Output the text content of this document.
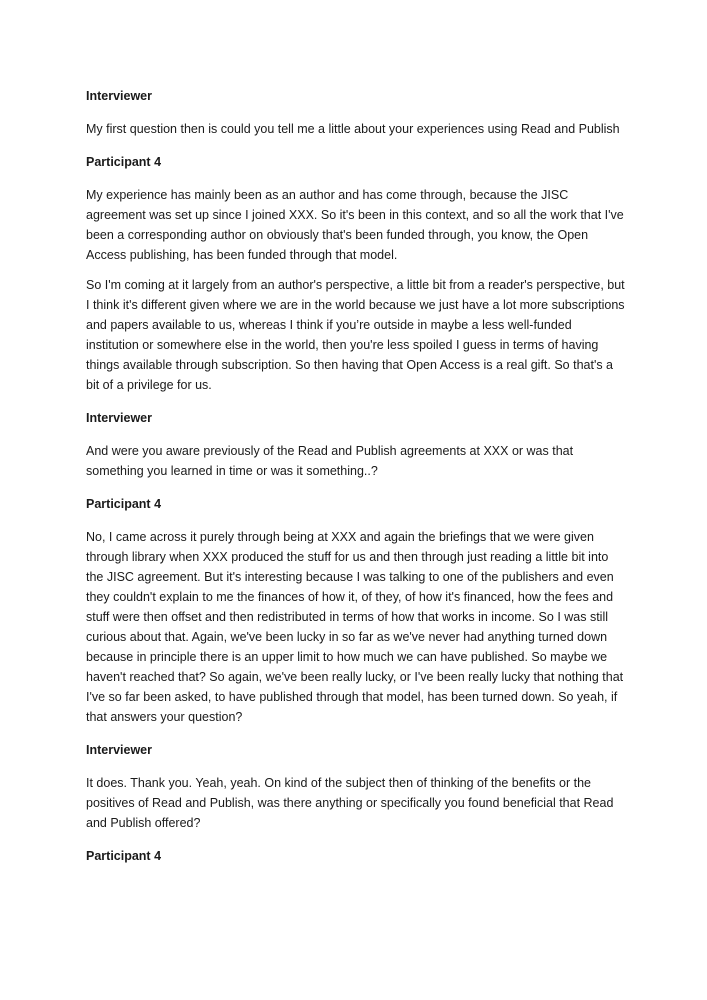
Interviewer
My first question then is could you tell me a little about your experiences using Read and Publish
Participant 4
My experience has mainly been as an author and has come through, because the JISC agreement was set up since I joined XXX. So it's been in this context, and so all the work that I've been a corresponding author on obviously that's been funded through, you know, the Open Access publishing, has been funded through that model.
So I'm coming at it largely from an author's perspective, a little bit from a reader's perspective, but I think it's different given where we are in the world because we just have a lot more subscriptions and papers available to us, whereas I think if you’re outside in maybe a less well-funded institution or somewhere else in the world, then you're less spoiled I guess in terms of having things available through subscription. So then having that Open Access is a real gift. So that's a bit of a privilege for us.
Interviewer
And were you aware previously of the Read and Publish agreements at XXX or was that something you learned in time or was it something..?
Participant 4
No, I came across it purely through being at XXX and again the briefings that we were given through library when XXX produced the stuff for us and then through just reading a little bit into the JISC agreement. But it's interesting because I was talking to one of the publishers and even they couldn't explain to me the finances of how it, of they, of how it's financed, how the fees and stuff were then offset and then redistributed in terms of how that works in income. So I was still curious about that. Again, we've been lucky in so far as we've never had anything turned down because in principle there is an upper limit to how much we can have published. So maybe we haven't reached that? So again, we've been really lucky, or I've been really lucky that nothing that I've so far been asked, to have published through that model, has been turned down. So yeah, if that answers your question?
Interviewer
It does. Thank you. Yeah, yeah. On kind of the subject then of thinking of the benefits or the positives of Read and Publish, was there anything or specifically you found beneficial that Read and Publish offered?
Participant 4
